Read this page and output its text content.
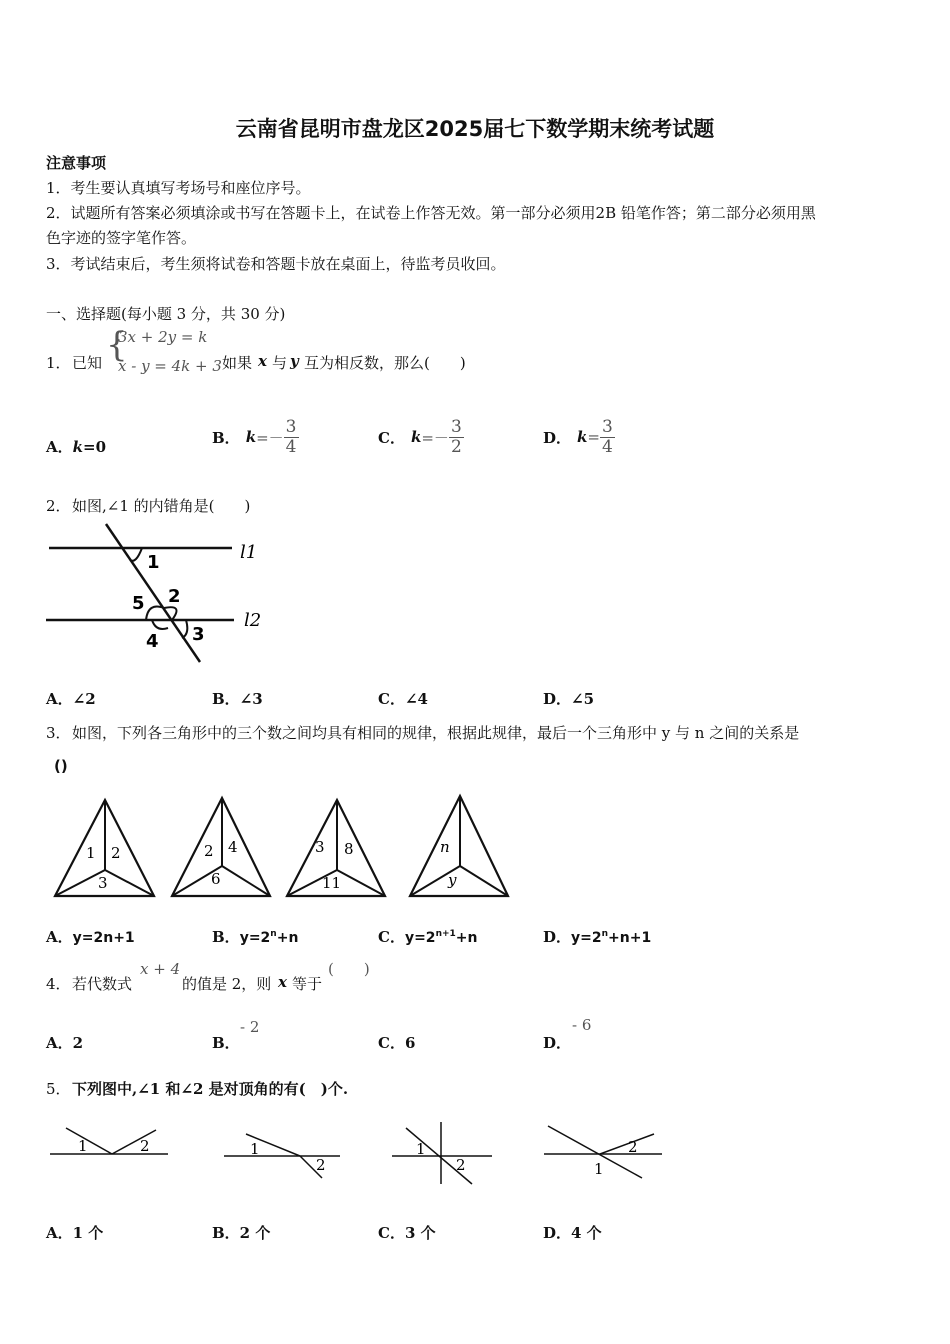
云南省昆明市盘龙区2025届七下数学期末统考试题
注意事项
1．考生要认真填写考场号和座位序号。
2．试题所有答案必须填涂或书写在答题卡上，在试卷上作答无效。第一部分必须用2B 铅笔作答；第二部分必须用黑
色字迹的签字笔作答。
3．考试结束后，考生须将试卷和答题卡放在桌面上，待监考员收回。
一、选择题(每小题 3 分，共 30 分)
1． 已知 {
3x + 2y = k
x - y = 4k + 3 如果 x 与 y 互为相反数，那么(　　)
A．k=0
B． $k =- \frac{3}{4}$	C． $k =- \frac{3}{2}$	D． $k = \frac{3}{4}$
2． 如图,∠1 的内错角是(　　)
1
2
3
4
5
l1
l2
A．∠2	B．∠3	C．∠4	D．∠5
3． 如图，下列各三角形中的三个数之间均具有相同的规律，根据此规律，最后一个三角形中 y 与 n 之间的关系是
()
1 2
3
2 4
6
3 8
11
n
y
A．y=2n+1	B．$y=2^n+n$	C．$y=2^{n+1}+n$	D．$y=2^n+n+1$
4． 若代数式
x + 4
的值是 2，则 x 等于
(　　)
A．2	B．
- 2
C．6	D．
- 6
5． 下列图中,∠1 和∠2 是对顶角的有(　)个.
1	2	1
2
1
2
2
1
A．1 个	B．2 个	C．3 个	D．4 个
